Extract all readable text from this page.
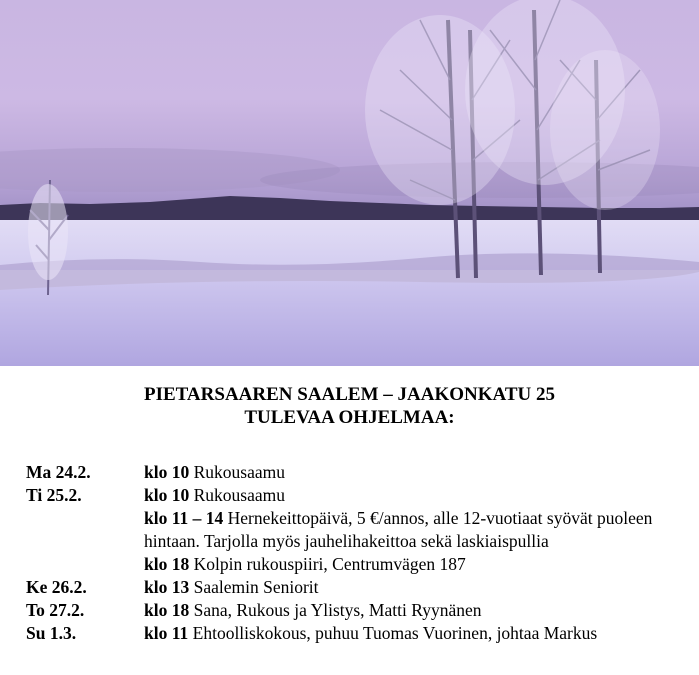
PIETARSAAREN SAALEM – JAAKONKATU 25
TULEVAA OHJELMAA:
Ma 24.2.	klo 10 Rukousaamu
Ti 25.2.	klo 10 Rukousaamu
klo 11 – 14 Hernekeittopäivä, 5 €/annos, alle 12-vuotiaat syövät puoleen hintaan. Tarjolla myös jauhelihakeittoa sekä laskiaispullia
klo 18 Kolpin rukouspiiri, Centrumvägen 187
Ke 26.2.	klo 13 Saalemin Seniorit
To 27.2.	klo 18 Sana, Rukous ja Ylistys, Matti Ryynänen
Su 1.3.	klo 11 Ehtoolliskokous, puhuu Tuomas Vuorinen, johtaa Markus
